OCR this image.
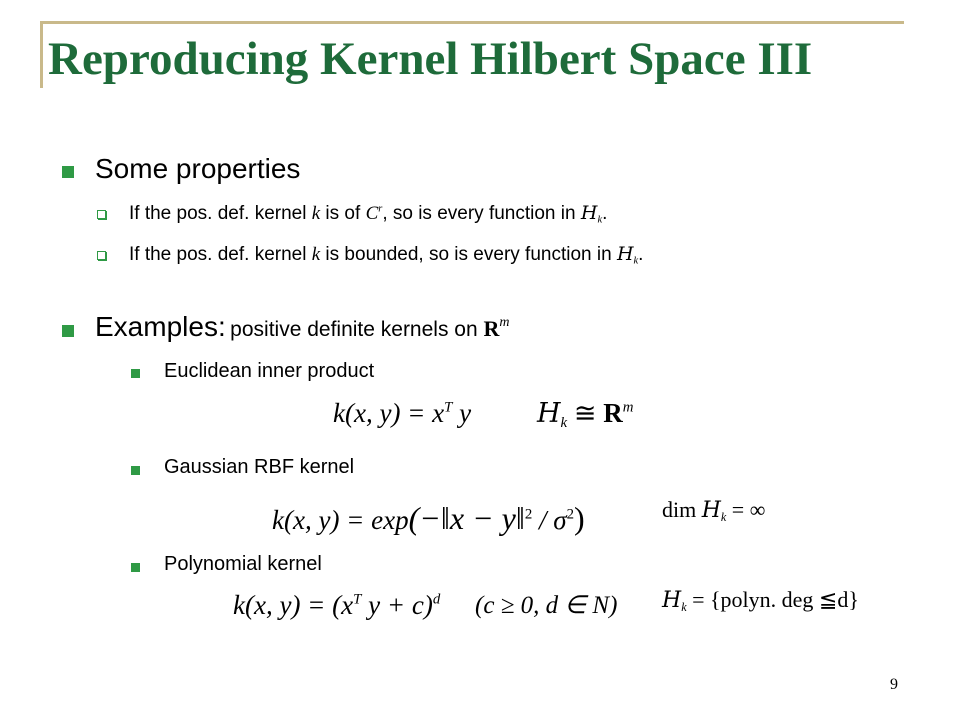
Reproducing Kernel Hilbert Space III
Some properties
If the pos. def. kernel k is of $C^r$, so is every function in $H_k$.
If the pos. def. kernel k is bounded, so is every function in $H_k$.
Examples: positive definite kernels on $R^m$
Euclidean inner product
k(x, $y) = x^T$ y $H_k$ ≅ $R^m$
Gaussian RBF kernel
k(x, y) = exp(−‖x − y‖$^2$ / $\sigma^2$)	dim $H_k$ = ∞
Polynomial kernel
k(x, $y) = (x^T$ y + c)$^d$ (c ≥ 0, d ∈ N) $H_k$ = {polyn. deg ≦d}
9
